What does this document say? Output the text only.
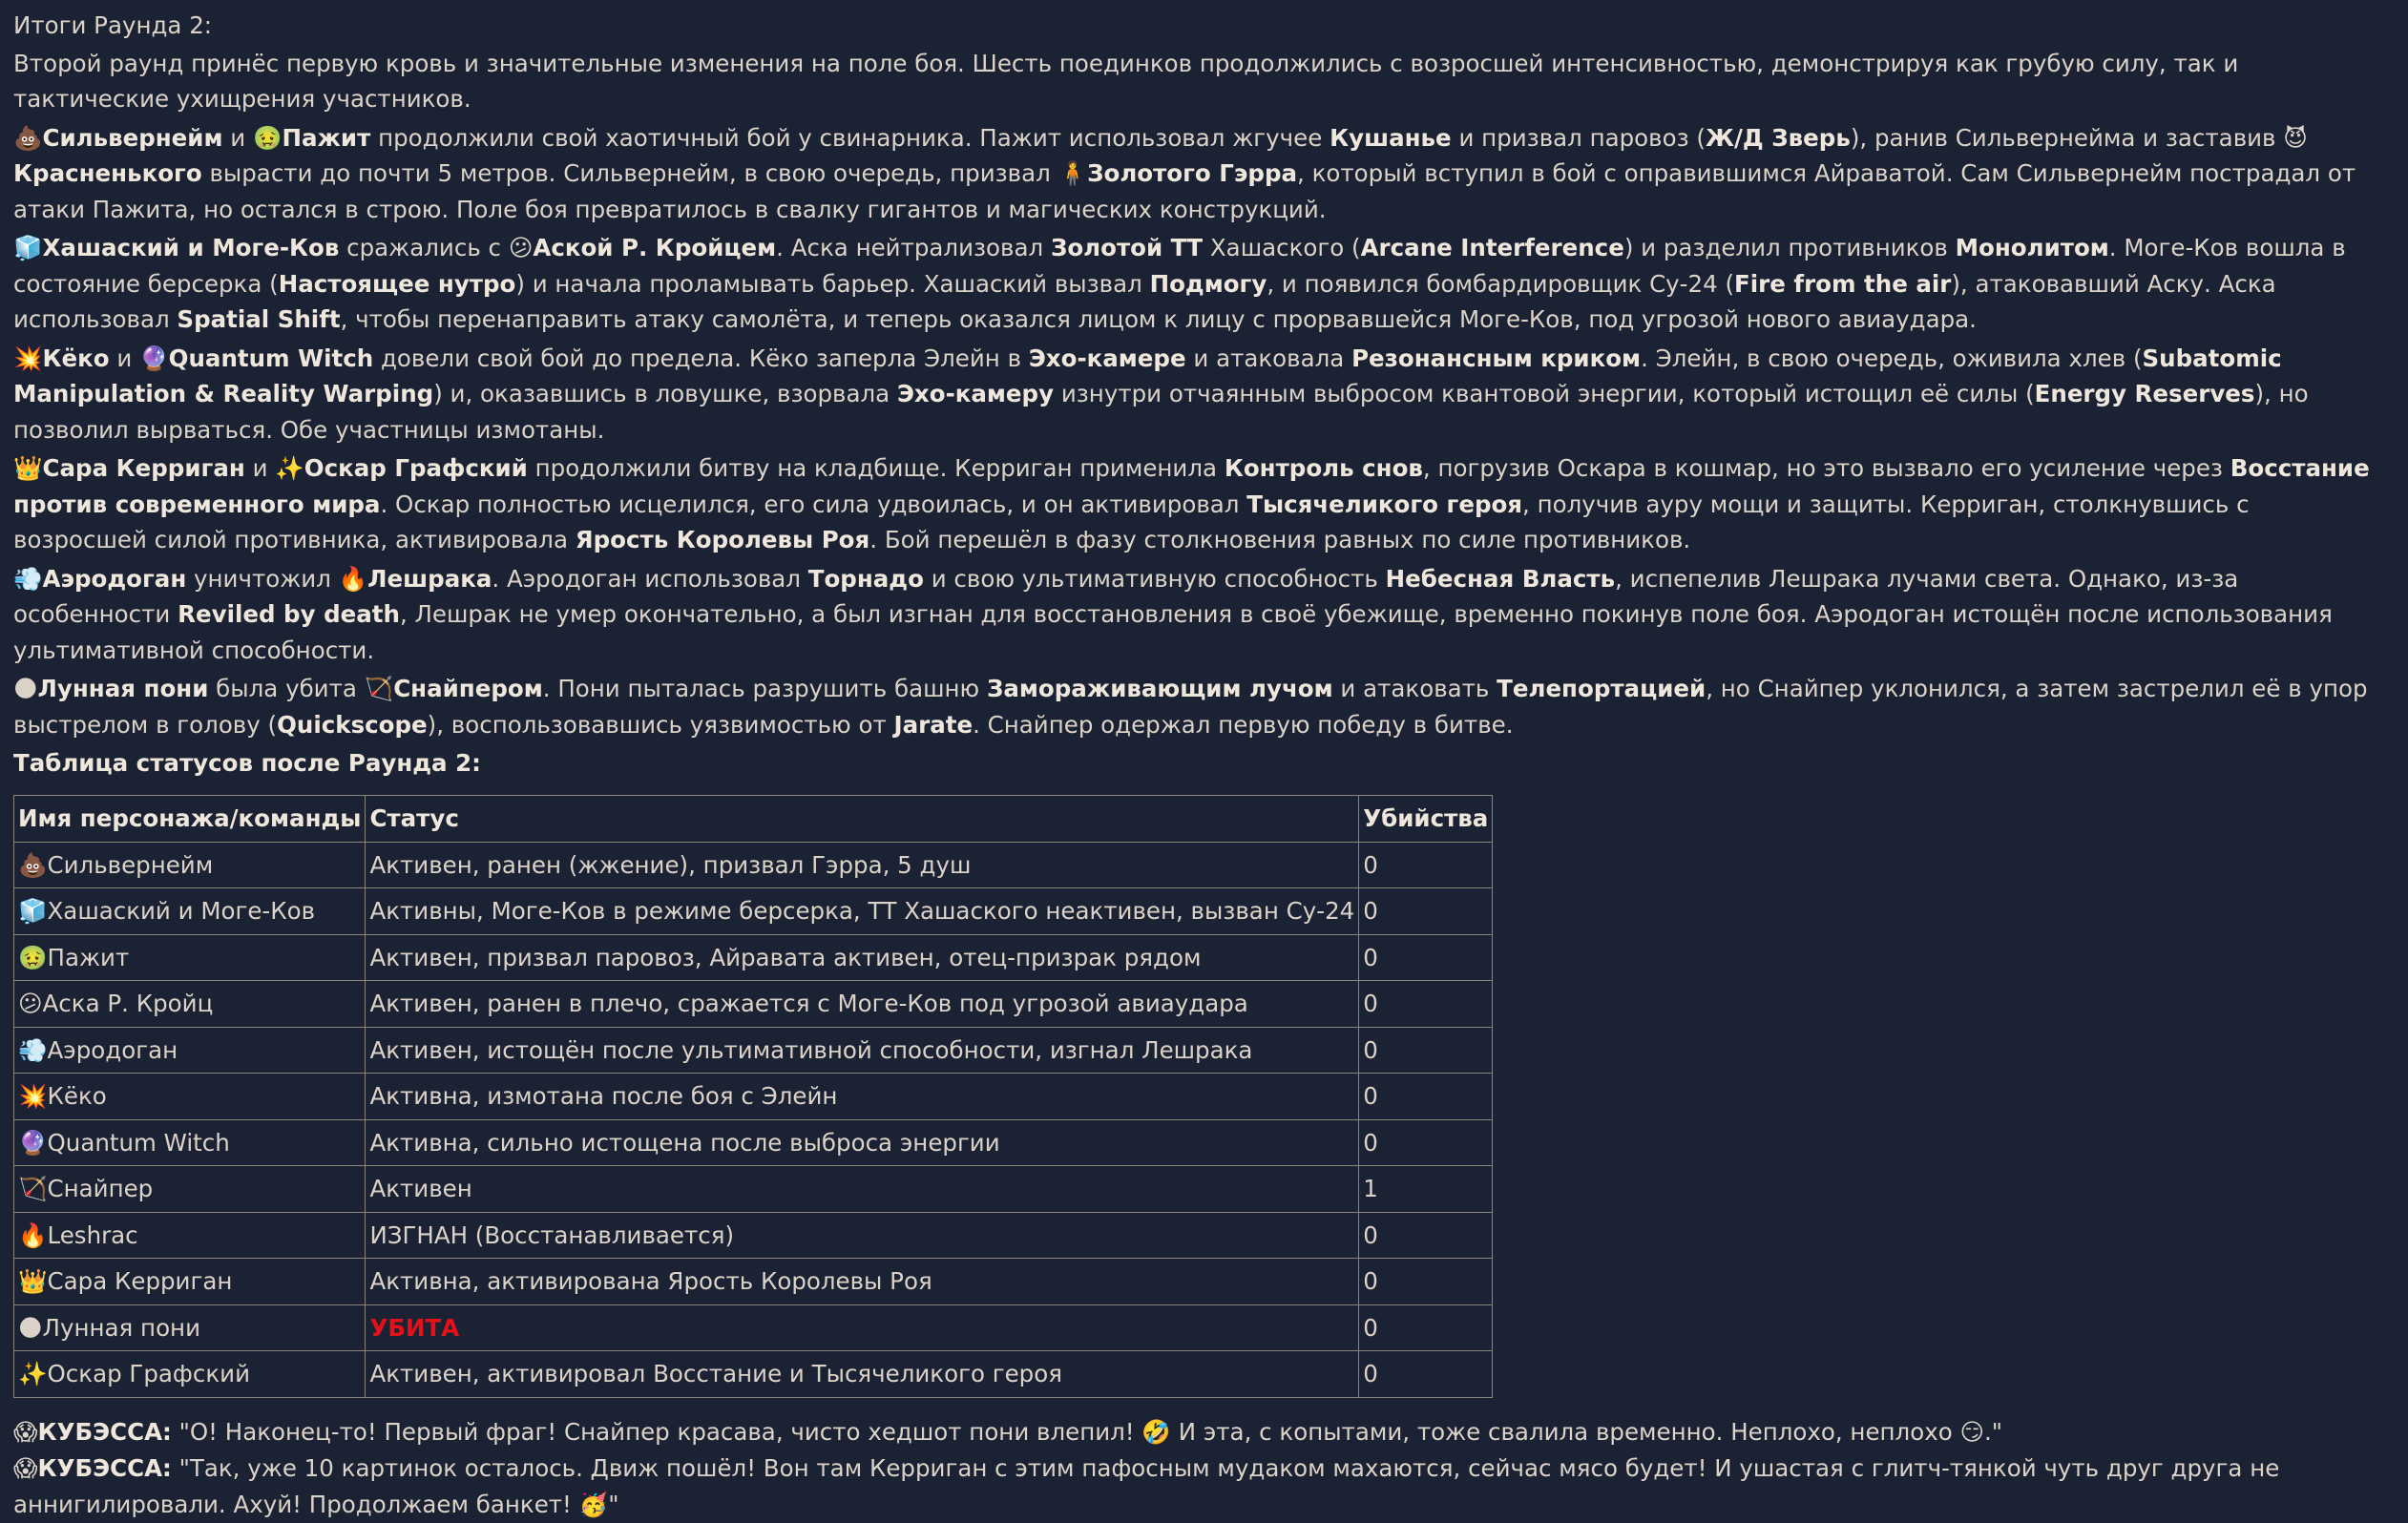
Итоги Раунда 2:

Второй раунд принёс первую кровь и значительные изменения на поле боя. Шесть поединков продолжились с возросшей интенсивностью, демонстрируя как грубую силу, так и тактические ухищрения участников.

💩Сильвернейм и 🤢Пажит продолжили свой хаотичный бой у свинарника. Пажит использовал жгучее Кушанье и призвал паровоз (Ж/Д Зверь), ранив Сильвернейма и заставив 😈Красненького вырасти до почти 5 метров. Сильвернейм, в свою очередь, призвал 🧍Золотого Гэрра, который вступил в бой с оправившимся Айраватой. Сам Сильвернейм пострадал от атаки Пажита, но остался в строю. Поле боя превратилось в свалку гигантов и магических конструкций.

🧊Хашаский и Моге-Ков сражались с 😕Аской Р. Кройцем. Аска нейтрализовал Золотой ТТ Хашаского (Arcane Interference) и разделил противников Монолитом. Моге-Ков вошла в состояние берсерка (Настоящее нутро) и начала проламывать барьер. Хашаский вызвал Подмогу, и появился бомбардировщик Су-24 (Fire from the air), атаковавший Аску. Аска использовал Spatial Shift, чтобы перенаправить атаку самолёта, и теперь оказался лицом к лицу с прорвавшейся Моге-Ков, под угрозой нового авиаудара.

💥Кёко и 🔮Quantum Witch довели свой бой до предела. Кёко заперла Элейн в Эхо-камере и атаковала Резонансным криком. Элейн, в свою очередь, оживила хлев (Subatomic Manipulation & Reality Warping) и, оказавшись в ловушке, взорвала Эхо-камеру изнутри отчаянным выбросом квантовой энергии, который истощил её силы (Energy Reserves), но позволил вырваться. Обе участницы измотаны.

👑Сара Керриган и ✨Оскар Графский продолжили битву на кладбище. Керриган применила Контроль снов, погрузив Оскара в кошмар, но это вызвало его усиление через Восстание против современного мира. Оскар полностью исцелился, его сила удвоилась, и он активировал Тысячеликого героя, получив ауру мощи и защиты. Керриган, столкнувшись с возросшей силой противника, активировала Ярость Королевы Роя. Бой перешёл в фазу столкновения равных по силе противников.

💨Аэродоган уничтожил 🔥Лешрака. Аэродоган использовал Торнадо и свою ультимативную способность Небесная Власть, испепелив Лешрака лучами света. Однако, из-за особенности Reviled by death, Лешрак не умер окончательно, а был изгнан для восстановления в своё убежище, временно покинув поле боя. Аэродоган истощён после использования ультимативной способности.

🌑Лунная пони была убита 🏹Снайпером. Пони пыталась разрушить башню Замораживающим лучом и атаковать Телепортацией, но Снайпер уклонился, а затем застрелил её в упор выстрелом в голову (Quickscope), воспользовавшись уязвимостью от Jarate. Снайпер одержал первую победу в битве.

Таблица статусов после Раунда 2:

Имя персонажа/команды	Статус	Убийства
💩Сильвернейм	Активен, ранен (жжение), призвал Гэрра, 5 душ	0
🧊Хашаский и Моге-Ков	Активны, Моге-Ков в режиме берсерка, ТТ Хашаского неактивен, вызван Су-24	0
🤢Пажит	Активен, призвал паровоз, Айравата активен, отец-призрак рядом	0
😕Аска Р. Кройц	Активен, ранен в плечо, сражается с Моге-Ков под угрозой авиаудара	0
💨Аэродоган	Активен, истощён после ультимативной способности, изгнал Лешрака	0
💥Кёко	Активна, измотана после боя с Элейн	0
🔮Quantum Witch	Активна, сильно истощена после выброса энергии	0
🏹Снайпер	Активен	1
🔥Leshrac	ИЗГНАН (Восстанавливается)	0
👑Сара Керриган	Активна, активирована Ярость Королевы Роя	0
🌑Лунная пони	УБИТА	0
✨Оскар Графский	Активен, активировал Восстание и Тысячеликого героя	0

😱КУБЭССА: "О! Наконец-то! Первый фраг! Снайпер красава, чисто хедшот пони влепил! 🤣 И эта, с копытами, тоже свалила временно. Неплохо, неплохо 😏."

😱КУБЭССА: "Так, уже 10 картинок осталось. Движ пошёл! Вон там Керриган с этим пафосным мудаком махаются, сейчас мясо будет! И ушастая с глитч-тянкой чуть друг друга не аннигилировали. Ахуй! Продолжаем банкет! 🥳"
